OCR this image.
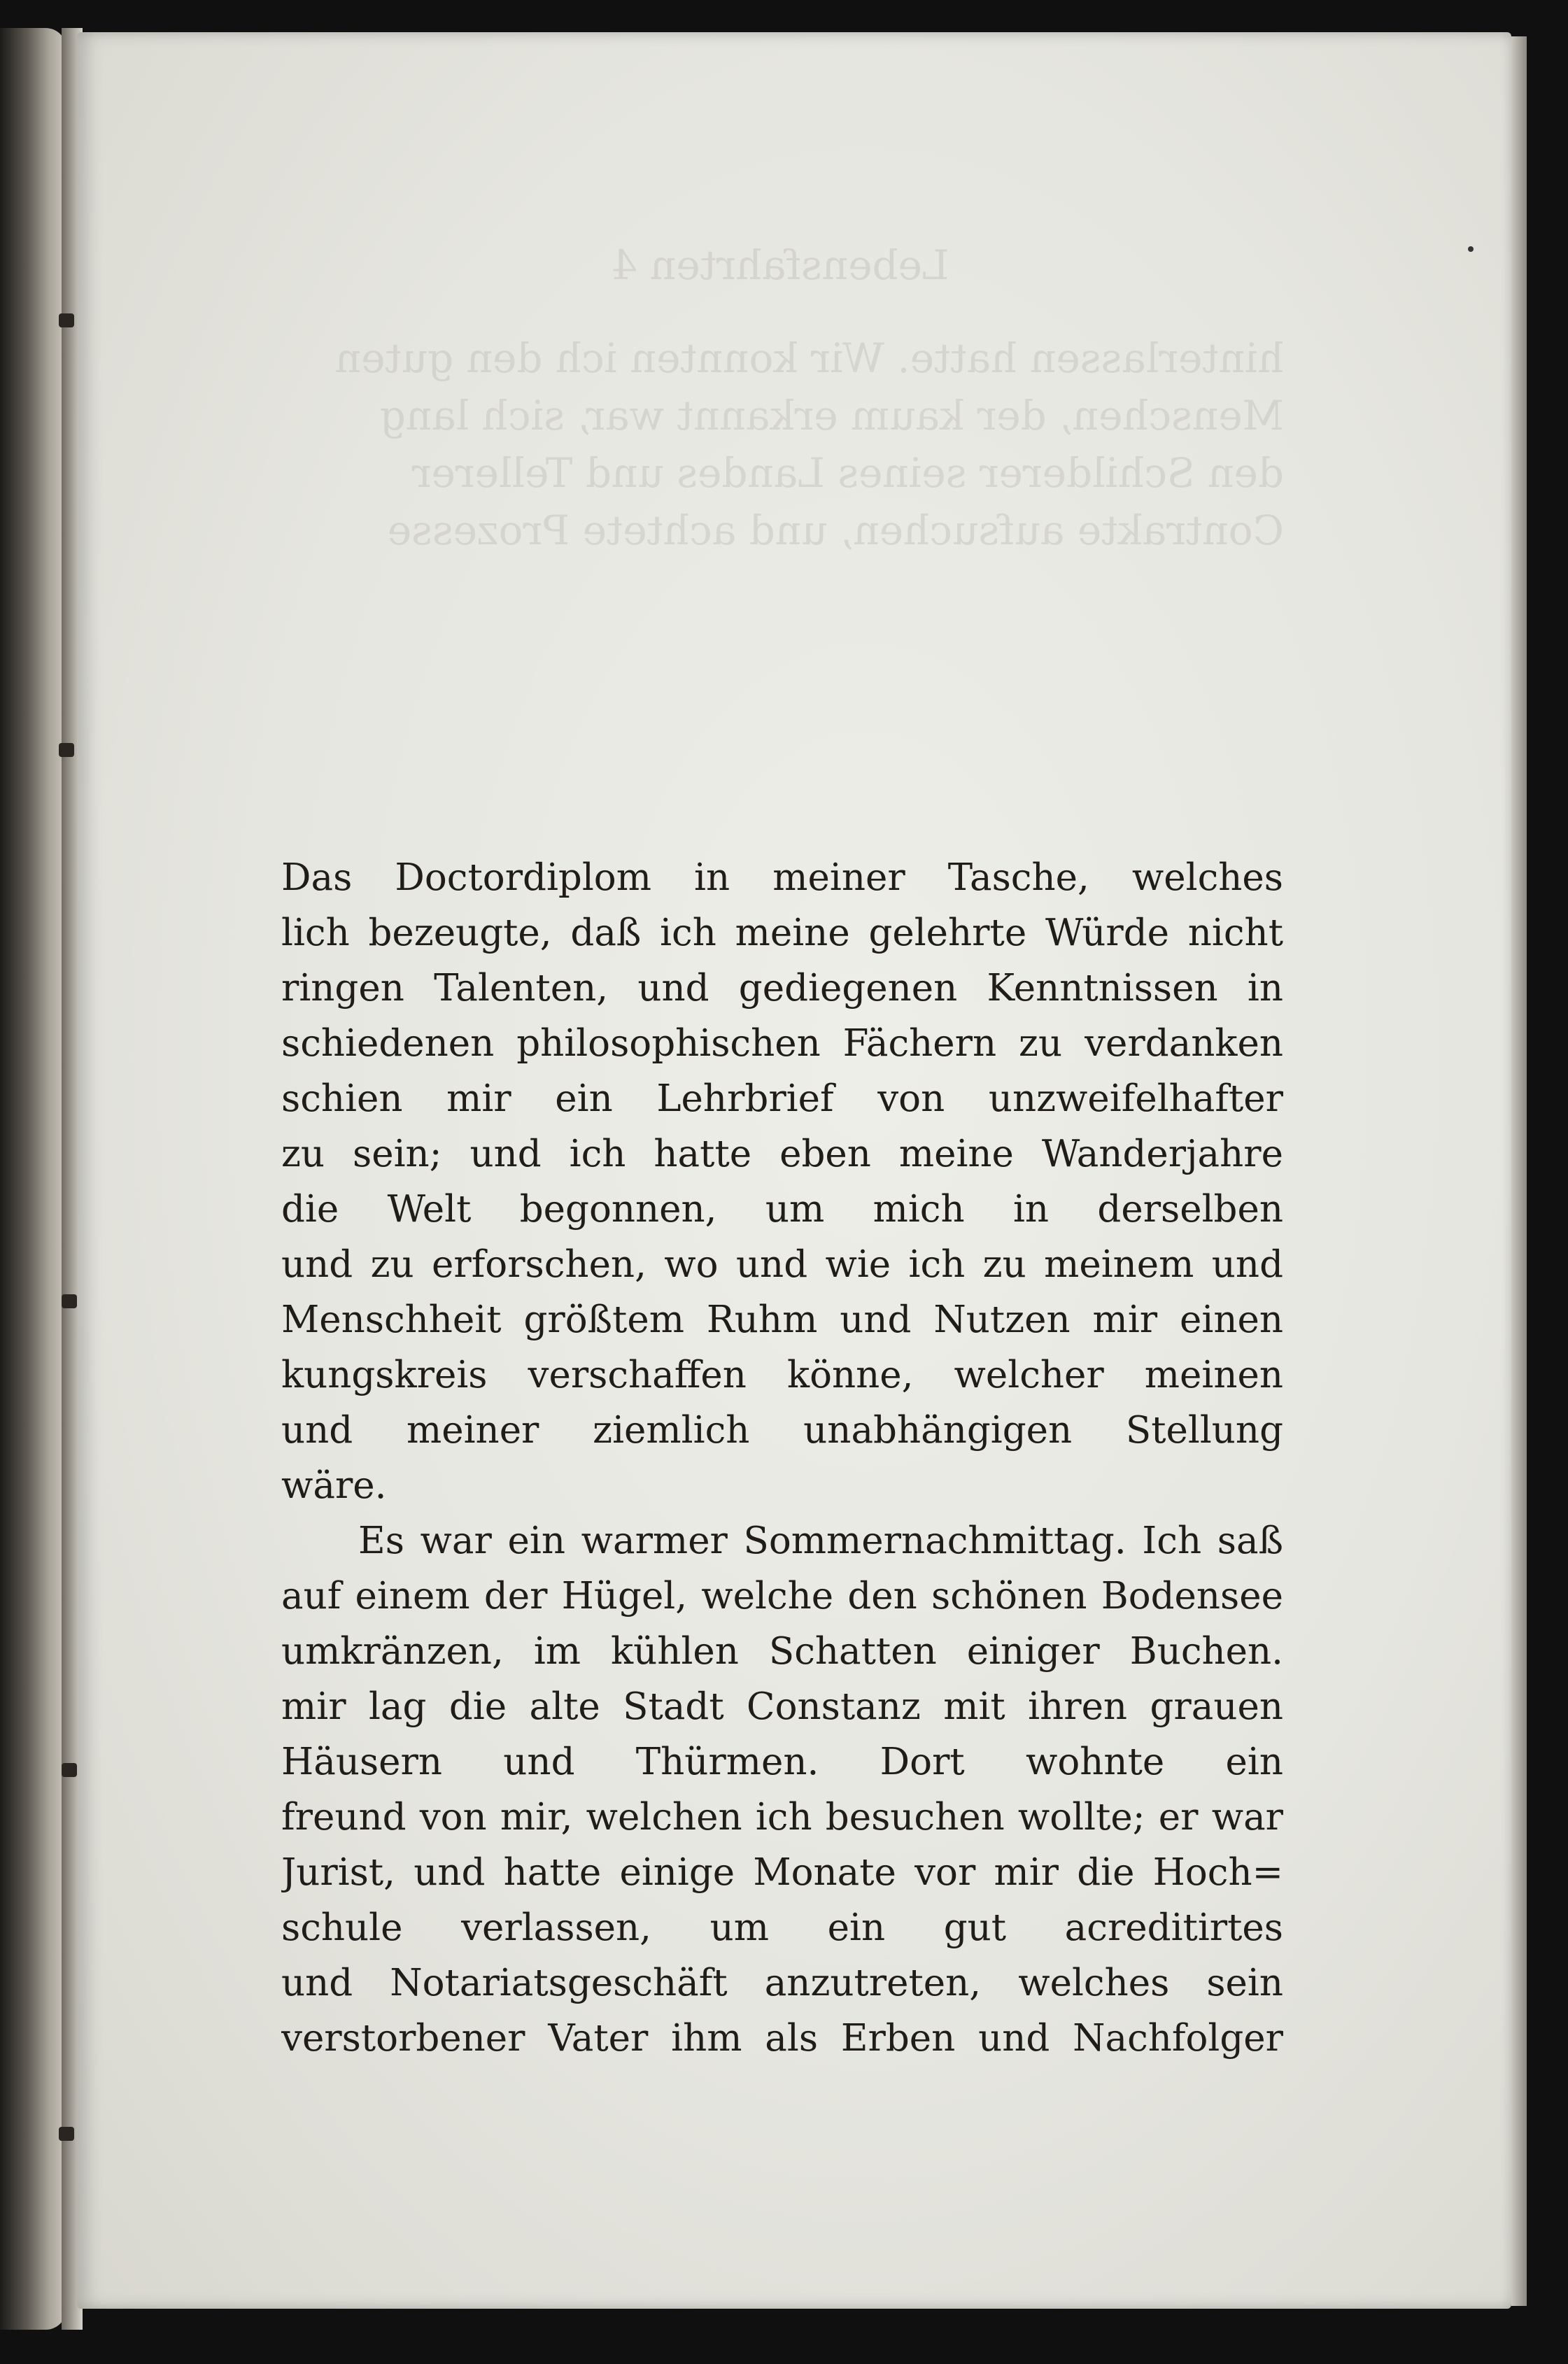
Lebensfahrten 4
hinterlassen hatte. Wir konnten ich den guten
Menschen, der kaum erkannt war, sich lang
den Schilderer seines Landes und Tellerer
Contrakte aufsuchen, und achtete Prozesse
Das Doctordiplom in meiner Tasche, welches
lich bezeugte, daß ich meine gelehrte Würde nicht
ringen Talenten, und gediegenen Kenntnissen in
schiedenen philosophischen Fächern zu verdanken
schien mir ein Lehrbrief von unzweifelhafter
zu sein; und ich hatte eben meine Wanderjahre
die Welt begonnen, um mich in derselben
und zu erforschen, wo und wie ich zu meinem und
Menschheit größtem Ruhm und Nutzen mir einen
kungskreis verschaffen könne, welcher meinen
und meiner ziemlich unabhängigen Stellung
wäre.
Es war ein warmer Sommernachmittag. Ich saß
auf einem der Hügel, welche den schönen Bodensee
umkränzen, im kühlen Schatten einiger Buchen.
mir lag die alte Stadt Constanz mit ihren grauen
Häusern und Thürmen. Dort wohnte ein
freund von mir, welchen ich besuchen wollte; er war
Jurist, und hatte einige Monate vor mir die Hoch=
schule verlassen, um ein gut acreditirtes
und Notariatsgeschäft anzutreten, welches sein
verstorbener Vater ihm als Erben und Nachfolger
